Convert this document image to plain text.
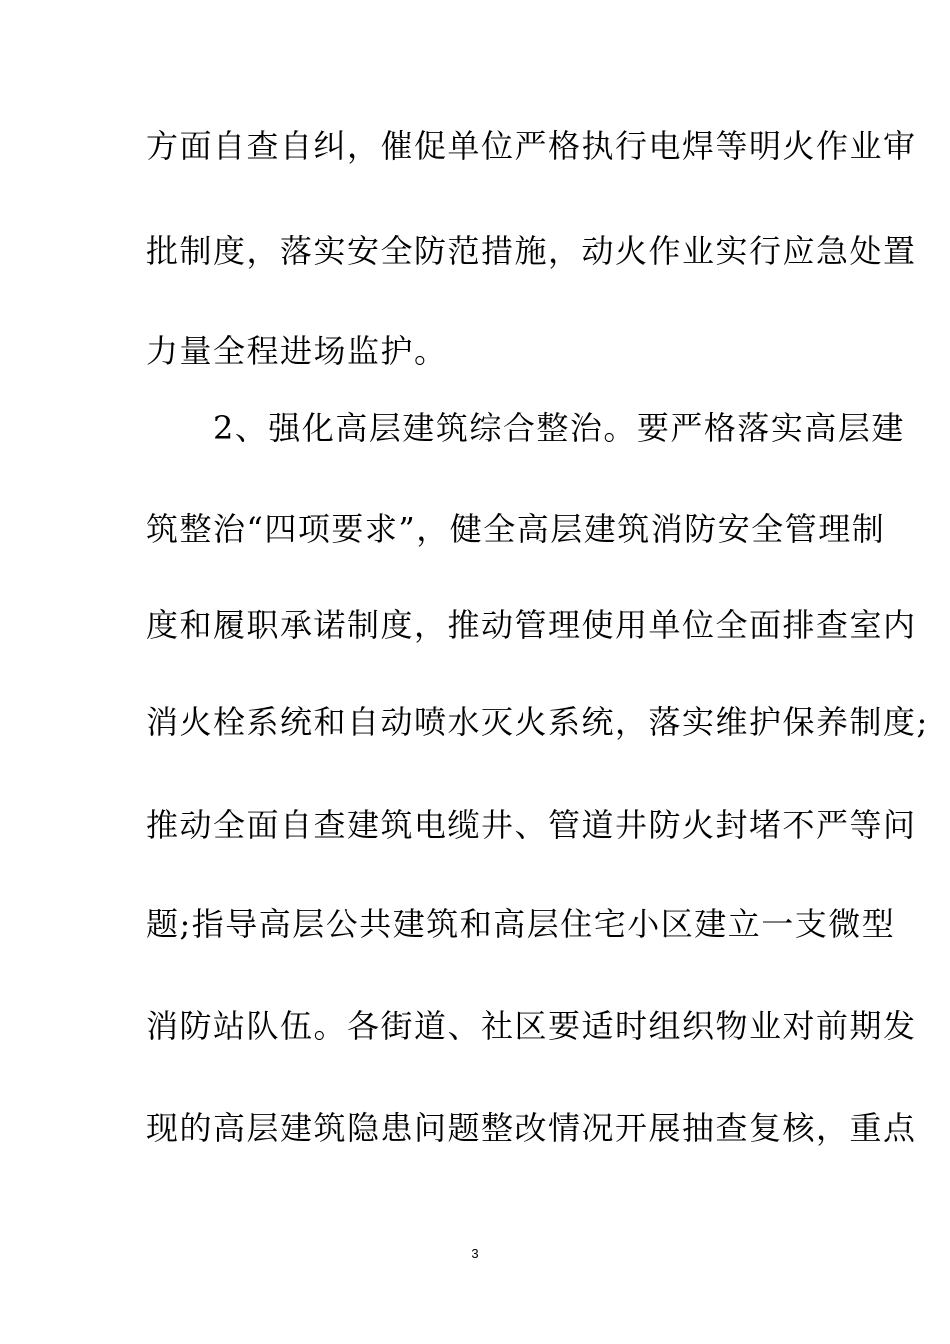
方面自查自纠，催促单位严格执行电焊等明火作业审
批制度，落实安全防范措施，动火作业实行应急处置
力量全程进场监护。
　　2、强化高层建筑综合整治。要严格落实高层建
筑整治“四项要求”，健全高层建筑消防安全管理制
度和履职承诺制度，推动管理使用单位全面排查室内
消火栓系统和自动喷水灭火系统，落实维护保养制度;
推动全面自查建筑电缆井、管道井防火封堵不严等问
题;指导高层公共建筑和高层住宅小区建立一支微型
消防站队伍。各街道、社区要适时组织物业对前期发
现的高层建筑隐患问题整改情况开展抽查复核，重点
3
